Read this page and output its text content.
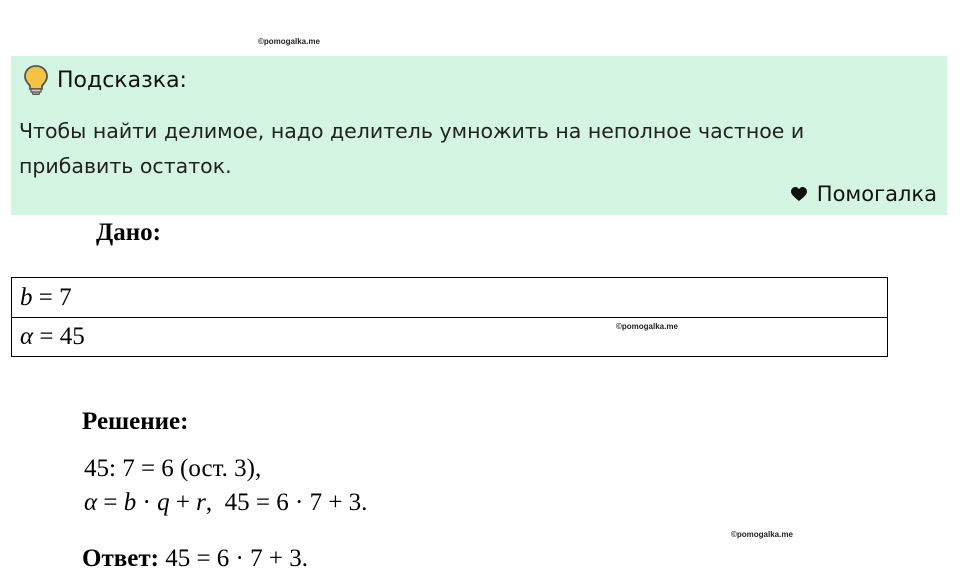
©pomogalka.me
Подсказка:
Чтобы найти делимое, надо делитель умножить на неполное частное и прибавить остаток.
Помогалка
Дано:
b = 7
α = 45	©pomogalka.me
Решение:
45: 7 = 6 (ост. 3),
α = b · q + r,  45 = 6 · 7 + 3.
©pomogalka.me
Ответ: 45 = 6 · 7 + 3.
